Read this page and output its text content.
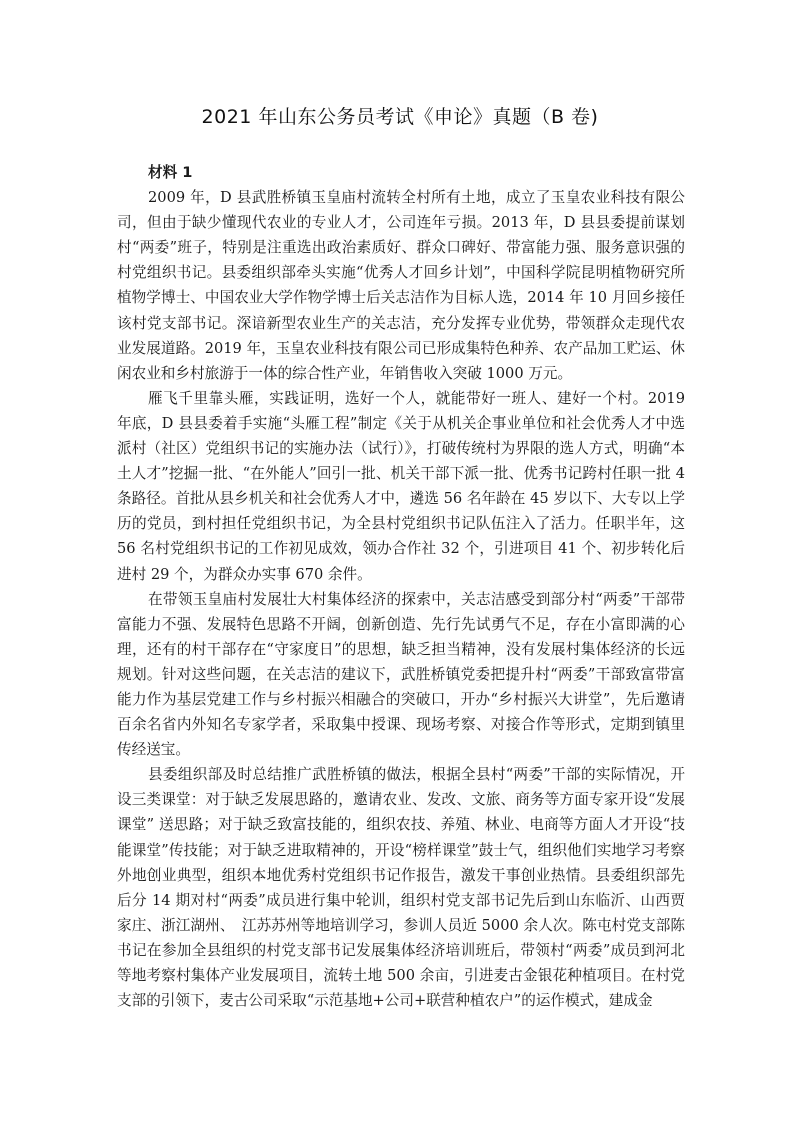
2021 年山东公务员考试《申论》真题（B 卷)

材料 1

2009 年，D 县武胜桥镇玉皇庙村流转全村所有土地，成立了玉皇农业科技有限公司，但由于缺少懂现代农业的专业人才，公司连年亏损。2013 年，D 县县委提前谋划村“两委”班子，特别是注重选出政治素质好、群众口碑好、带富能力强、服务意识强的村党组织书记。县委组织部牵头实施“优秀人才回乡计划”，中国科学院昆明植物研究所植物学博士、中国农业大学作物学博士后关志洁作为目标人选，2014 年 10 月回乡接任该村党支部书记。深谙新型农业生产的关志洁，充分发挥专业优势，带领群众走现代农业发展道路。2019 年，玉皇农业科技有限公司已形成集特色种养、农产品加工贮运、休闲农业和乡村旅游于一体的综合性产业，年销售收入突破 1000 万元。

雁飞千里靠头雁，实践证明，选好一个人，就能带好一班人、建好一个村。2019 年底，D 县县委着手实施“头雁工程”制定《关于从机关企事业单位和社会优秀人才中选派村（社区）党组织书记的实施办法（试行）》，打破传统村为界限的选人方式，明确“本土人才”挖掘一批、“在外能人”回引一批、机关干部下派一批、优秀书记跨村任职一批 4 条路径。首批从县乡机关和社会优秀人才中，遴选 56 名年龄在 45 岁以下、大专以上学历的党员，到村担任党组织书记，为全县村党组织书记队伍注入了活力。任职半年，这 56 名村党组织书记的工作初见成效，领办合作社 32 个，引进项目 41 个、初步转化后进村 29 个，为群众办实事 670 余件。

在带领玉皇庙村发展壮大村集体经济的探索中，关志洁感受到部分村“两委”干部带富能力不强、发展特色思路不开阔，创新创造、先行先试勇气不足，存在小富即满的心理，还有的村干部存在“守家度日”的思想，缺乏担当精神，没有发展村集体经济的长远规划。针对这些问题，在关志洁的建议下，武胜桥镇党委把提升村“两委”干部致富带富能力作为基层党建工作与乡村振兴相融合的突破口，开办“乡村振兴大讲堂”，先后邀请百余名省内外知名专家学者，采取集中授课、现场考察、对接合作等形式，定期到镇里传经送宝。

县委组织部及时总结推广武胜桥镇的做法，根据全县村“两委”干部的实际情况，开设三类课堂：对于缺乏发展思路的，邀请农业、发改、文旅、商务等方面专家开设“发展课堂” 送思路；对于缺乏致富技能的，组织农技、养殖、林业、电商等方面人才开设“技能课堂”传技能；对于缺乏进取精神的，开设“榜样课堂”鼓士气，组织他们实地学习考察外地创业典型，组织本地优秀村党组织书记作报告，激发干事创业热情。县委组织部先后分 14 期对村“两委”成员进行集中轮训，组织村党支部书记先后到山东临沂、山西贾家庄、浙江湖州、　江苏苏州等地培训学习，参训人员近 5000 余人次。陈屯村党支部陈书记在参加全县组织的村党支部书记发展集体经济培训班后，带领村“两委”成员到河北等地考察村集体产业发展项目，流转土地 500 余亩，引进麦古金银花种植项目。在村党支部的引领下，麦古公司采取“示范基地+公司+联营种植农户”的运作模式，建成金
